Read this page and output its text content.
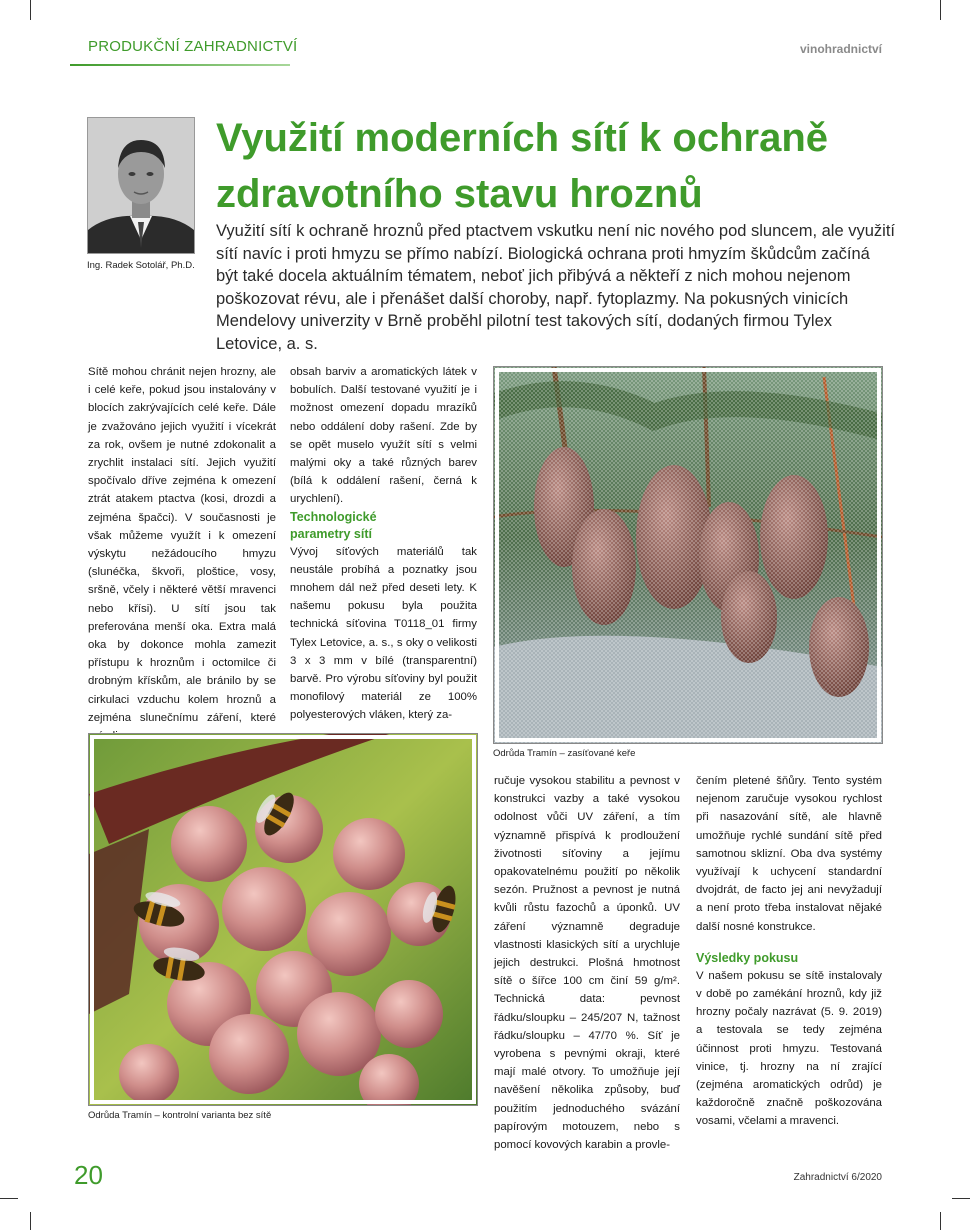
PRODUKČNÍ ZAHRADNICTVÍ	vinohradnictví
Ing. Radek Sotolář, Ph.D.
Využití moderních sítí k ochraně
zdravotního stavu hroznů

Využití sítí k ochraně hroznů před ptactvem vskutku není nic nového pod sluncem, ale využití sítí navíc i proti hmyzu se přímo nabízí. Biologická ochrana proti hmyzím škůdcům začíná být také docela aktuálním tématem, neboť jich přibývá a někteří z nich mohou nejenom poškozovat révu, ale i přenášet další choroby, např. fytoplazmy. Na pokusných vinicích Mendelovy univerzity v Brně proběhl pilotní test takových sítí, dodaných firmou Tylex Letovice, a. s.

Sítě mohou chránit nejen hrozny, ale i celé keře, pokud jsou instalovány v blocích zakrývajících celé keře. Dále je zvažováno jejich využití i vícekrát za rok, ovšem je nutné zdokonalit a zrychlit instalaci sítí. Jejich využití spočívalo dříve zejména k omezení ztrát atakem ptactva (kosi, drozdi a zejména špačci). V současnosti je však můžeme využít i k omezení výskytu nežádoucího hmyzu (slunéčka, škvoři, ploštice, vosy, sršně, včely i některé větší mravenci nebo křísi). U sítí jsou tak preferována menší oka. Extra malá oka by dokonce mohla zamezit přístupu k hroznům i octomilce či drobným křískům, ale bránilo by se cirkulaci vzduchu kolem hroznů a zejména slunečnímu záření, které

obsah barviv a aromatických látek v bobulích. Další testované využití je i možnost omezení dopadu mrazíků nebo oddálení doby rašení. Zde by se opět muselo využít sítí s velmi malými oky a také různých barev (bílá k oddálení rašení, černá k urychlení).

Technologické parametry sítí

Vývoj síťových materiálů tak neustále probíhá a poznatky jsou mnohem dál než před deseti lety. K našemu pokusu byla použita technická síťovina T0118_01 firmy Tylex Letovice, a. s., s oky o velikosti 3 x 3 mm v bílé (transparentní) barvě. Pro výrobu síťoviny byl použit monofilový materiál ze 100% polyesterových vláken, který za-

ručuje vysokou stabilitu a pevnost v konstrukci vazby a také vysokou odolnost vůči UV záření, a tím významně přispívá k prodloužení životnosti síťoviny a jejímu opakovatelnému použití po několik sezón. Pružnost a pevnost je nutná kvůli růstu fazochů a úponků. UV záření významně degraduje vlastnosti klasických sítí a urychluje jejich destrukci. Plošná hmotnost sítě o šířce 100 cm činí 59 g/m². Technická data: pevnost řádku/sloupku – 245/207 N, tažnost řádku/sloupku – 47/70 %. Síť je vyrobena s pevnými okraji, které mají malé otvory. To umožňuje její navěšení několika způsoby, buď použitím jednoduchého svázání papírovým motouzem, nebo s pomocí kovových karabin a provle-

čením pletené šňůry. Tento systém nejenom zaručuje vysokou rychlost při nasazování sítě, ale hlavně umožňuje rychlé sundání sítě před samotnou sklizní. Oba dva systémy využívají k uchycení standardní dvojdrát, de facto jej ani nevyžadují a není proto třeba instalovat nějaké další nosné konstrukce.

Výsledky pokusu

V našem pokusu se sítě instalovaly v době po zamékání hroznů, kdy již hrozny počaly nazrávat (5. 9. 2019) a testovala se tedy zejména účinnost proti hmyzu. Testovaná vinice, tj. hrozny na ní zrající (zejména aromatických odrůd) je každoročně značně poškozována vosami, včelami a mravenci.

Odrůda Tramín – zasíťované keře
Odrůda Tramín – kontrolní varianta bez sítě
20	Zahradnictví 6/2020
